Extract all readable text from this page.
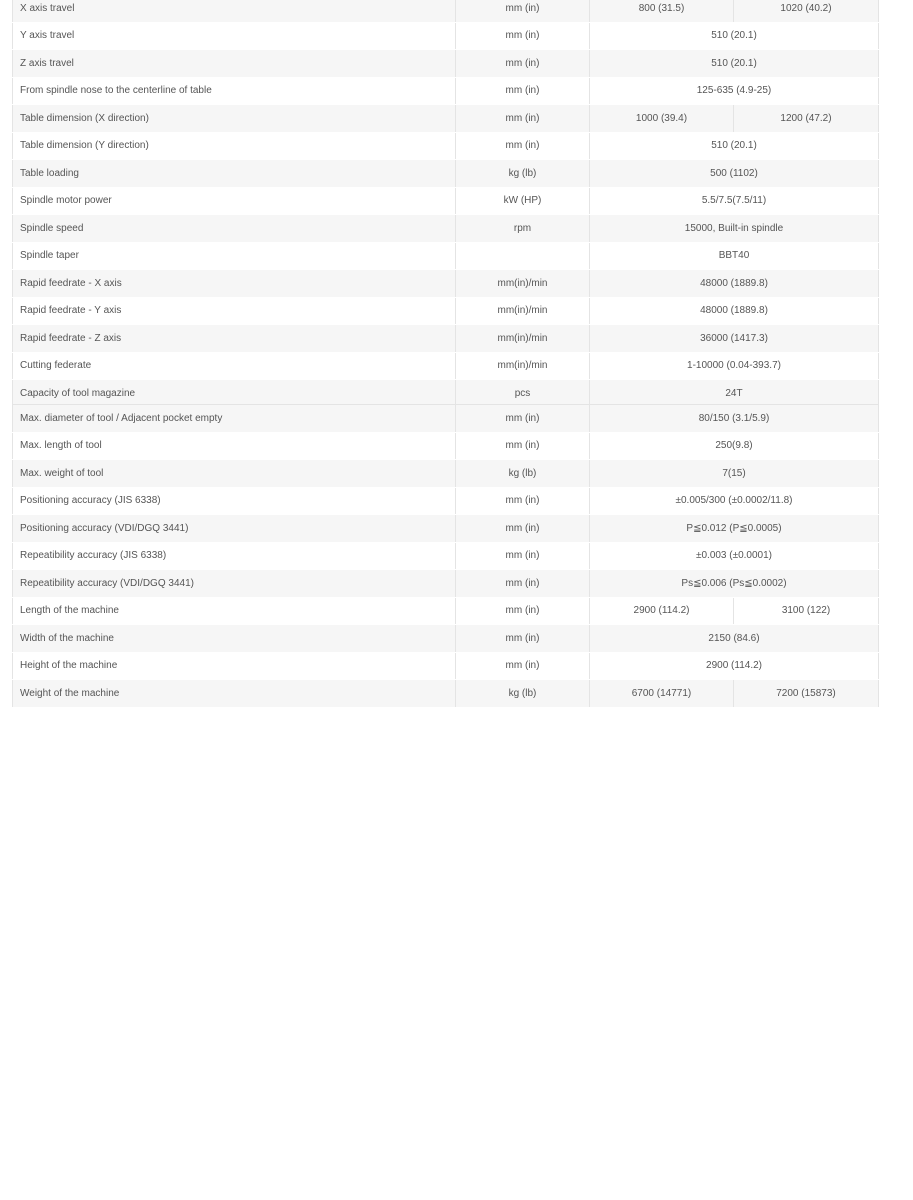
X axis travel	mm (in)	800 (31.5)	1020 (40.2)
Y axis travel	mm (in)	510 (20.1)	
Z axis travel	mm (in)	510 (20.1)	
From spindle nose to the centerline of table	mm (in)	125-635 (4.9-25)	
Table dimension (X direction)	mm (in)	1000 (39.4)	1200 (47.2)
Table dimension (Y direction)	mm (in)	510 (20.1)	
Table loading	kg (lb)	500 (1102)	
Spindle motor power	kW (HP)	5.5/7.5(7.5/11)	
Spindle speed	rpm	15000, Built-in spindle	
Spindle taper		BBT40	
Rapid feedrate - X axis	mm(in)/min	48000 (1889.8)	
Rapid feedrate - Y axis	mm(in)/min	48000 (1889.8)	
Rapid feedrate - Z axis	mm(in)/min	36000 (1417.3)	
Cutting federate	mm(in)/min	1-10000 (0.04-393.7)	
Capacity of tool magazine	pcs	24T	
Max. diameter of tool / Adjacent pocket empty	mm (in)	80/150 (3.1/5.9)	
Max. length of tool	mm (in)	250(9.8)	
Max. weight of tool	kg (lb)	7(15)	
Positioning accuracy (JIS 6338)	mm (in)	±0.005/300 (±0.0002/11.8)	
Positioning accuracy (VDI/DGQ 3441)	mm (in)	P≦0.012 (P≦0.0005)	
Repeatibility accuracy (JIS 6338)	mm (in)	±0.003 (±0.0001)	
Repeatibility accuracy (VDI/DGQ 3441)	mm (in)	Ps≦0.006 (Ps≦0.0002)	
Length of the machine	mm (in)	2900 (114.2)	3100 (122)
Width of the machine	mm (in)	2150 (84.6)	
Height of the machine	mm (in)	2900 (114.2)	
Weight of the machine	kg (lb)	6700 (14771)	7200 (15873)
